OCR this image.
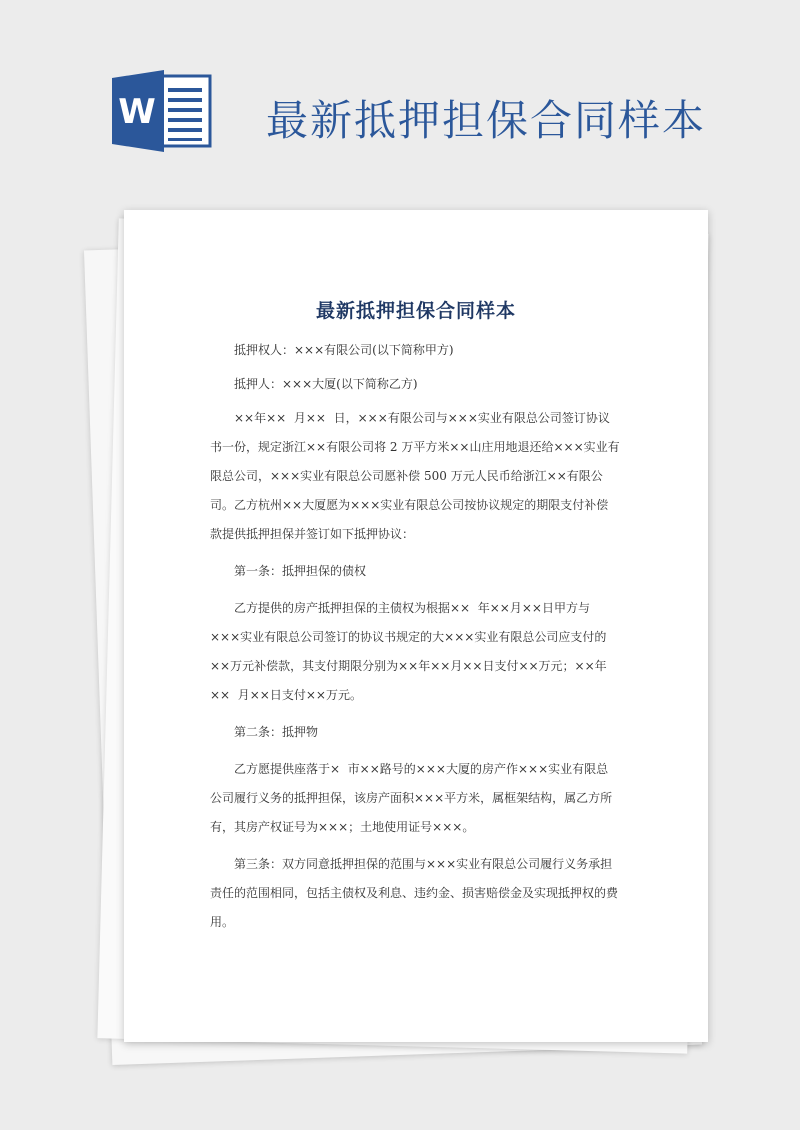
W	最新抵押担保合同样本
最新抵押担保合同样本

抵押权人：×××有限公司(以下简称甲方)

抵押人：×××大厦(以下简称乙方)

××年××  月××  日，×××有限公司与×××实业有限总公司签订协议书一份，规定浙江××有限公司将 2 万平方米××山庄用地退还给×××实业有限总公司，×××实业有限总公司愿补偿 500 万元人民币给浙江××有限公司。乙方杭州××大厦愿为×××实业有限总公司按协议规定的期限支付补偿款提供抵押担保并签订如下抵押协议：

第一条：抵押担保的债权

乙方提供的房产抵押担保的主债权为根据××  年××月××日甲方与×××实业有限总公司签订的协议书规定的大×××实业有限总公司应支付的××万元补偿款，其支付期限分别为××年××月××日支付××万元；××年××  月××日支付××万元。

第二条：抵押物

乙方愿提供座落于×  市××路号的×××大厦的房产作×××实业有限总公司履行义务的抵押担保，该房产面积×××平方米，属框架结构，属乙方所有，其房产权证号为×××；土地使用证号×××。

第三条：双方同意抵押担保的范围与×××实业有限总公司履行义务承担责任的范围相同，包括主债权及利息、违约金、损害赔偿金及实现抵押权的费用。
